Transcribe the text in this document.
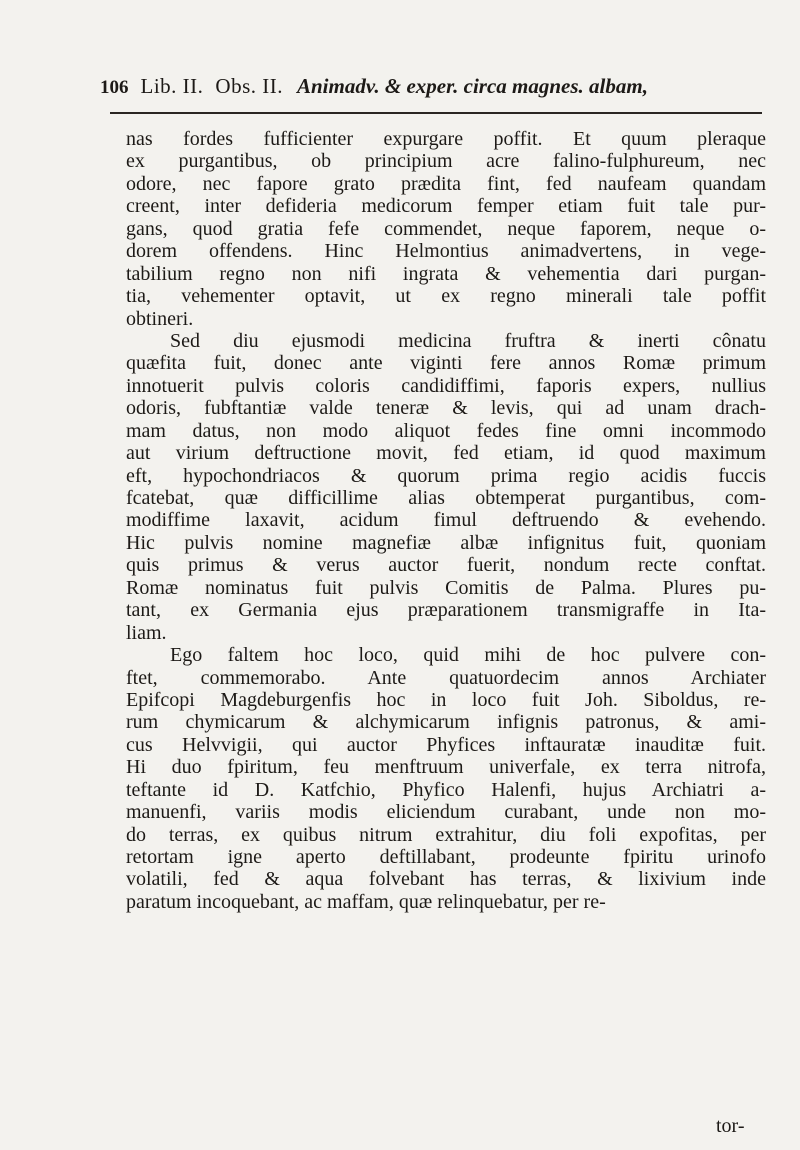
106 Lib. II. Obs. II. Animadv. & exper. circa magnes. albam,
nas fordes fufficienter expurgare poffit. Et quum pleraque
ex purgantibus, ob principium acre falino-fulphureum, nec
odore, nec fapore grato prædita fint, fed naufeam quandam
creent, inter defideria medicorum femper etiam fuit tale pur-
gans, quod gratia fefe commendet, neque faporem, neque o-
dorem offendens. Hinc Helmontius animadvertens, in vege-
tabilium regno non nifi ingrata & vehementia dari purgan-
tia, vehementer optavit, ut ex regno minerali tale poffit
obtineri.
Sed diu ejusmodi medicina fruftra & inerti cônatu
quæfita fuit, donec ante viginti fere annos Romæ primum
innotuerit pulvis coloris candidiffimi, faporis expers, nullius
odoris, fubftantiæ valde teneræ & levis, qui ad unam drach-
mam datus, non modo aliquot fedes fine omni incommodo
aut virium deftructione movit, fed etiam, id quod maximum
eft, hypochondriacos & quorum prima regio acidis fuccis
fcatebat, quæ difficillime alias obtemperat purgantibus, com-
modiffime laxavit, acidum fimul deftruendo & evehendo.
Hic pulvis nomine magnefiæ albæ infignitus fuit, quoniam
quis primus & verus auctor fuerit, nondum recte conftat.
Romæ nominatus fuit pulvis Comitis de Palma. Plures pu-
tant, ex Germania ejus præparationem transmigraffe in Ita-
liam.
Ego faltem hoc loco, quid mihi de hoc pulvere con-
ftet, commemorabo. Ante quatuordecim annos Archiater
Epifcopi Magdeburgenfis hoc in loco fuit Joh. Siboldus, re-
rum chymicarum & alchymicarum infignis patronus, & ami-
cus Helvvigii, qui auctor Phyfices inftauratæ inauditæ fuit.
Hi duo fpiritum, feu menftruum univerfale, ex terra nitrofa,
teftante id D. Katfchio, Phyfico Halenfi, hujus Archiatri a-
manuenfi, variis modis eliciendum curabant, unde non mo-
do terras, ex quibus nitrum extrahitur, diu foli expofitas, per
retortam igne aperto deftillabant, prodeunte fpiritu urinofo
volatili, fed & aqua folvebant has terras, & lixivium inde
paratum incoquebant, ac maffam, quæ relinquebatur, per re-
tor-
